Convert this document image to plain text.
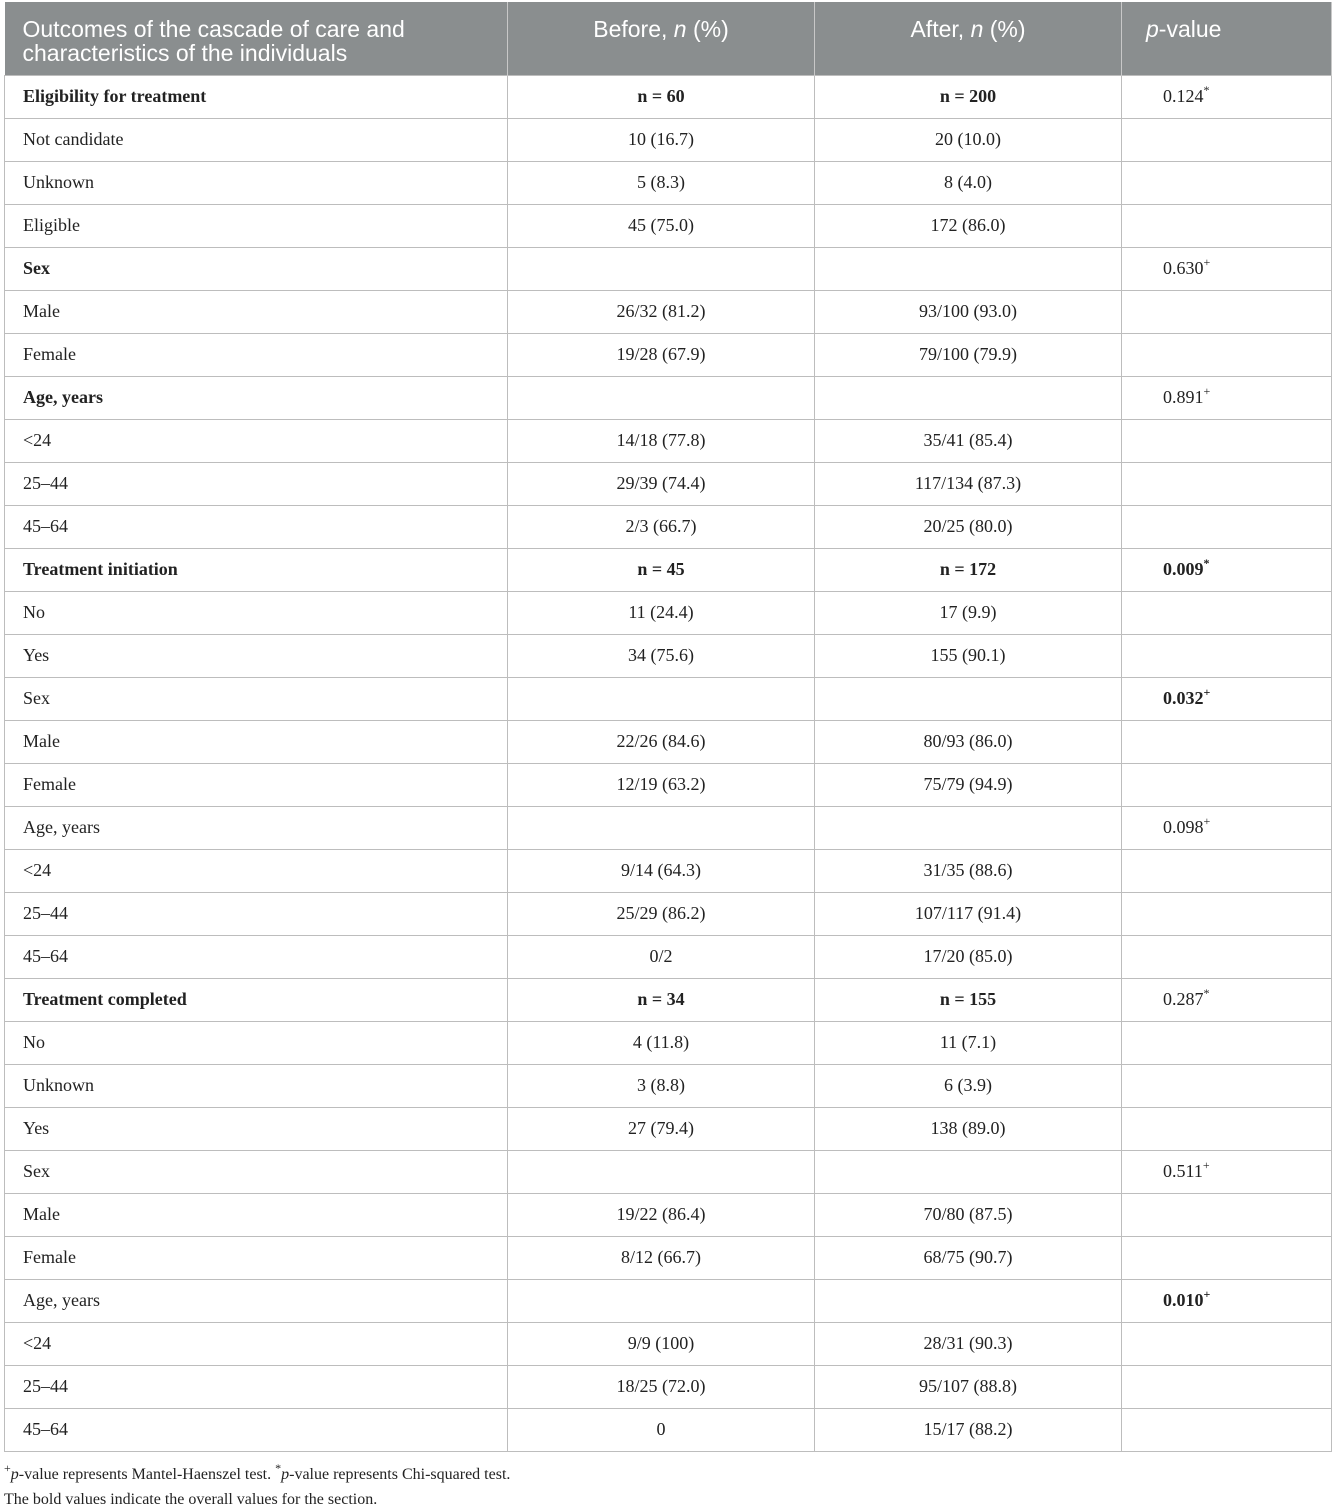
Outcomes of the cascade of care and characteristics of the individuals	Before, n (%)	After, n (%)	p-value
Eligibility for treatment	n = 60	n = 200	0.124*
Not candidate	10 (16.7)	20 (10.0)	
Unknown	5 (8.3)	8 (4.0)	
Eligible	45 (75.0)	172 (86.0)	
Sex			0.630+
Male	26/32 (81.2)	93/100 (93.0)	
Female	19/28 (67.9)	79/100 (79.9)	
Age, years			0.891+
<24	14/18 (77.8)	35/41 (85.4)	
25–44	29/39 (74.4)	117/134 (87.3)	
45–64	2/3 (66.7)	20/25 (80.0)	
Treatment initiation	n = 45	n = 172	0.009*
No	11 (24.4)	17 (9.9)	
Yes	34 (75.6)	155 (90.1)	
Sex			0.032+
Male	22/26 (84.6)	80/93 (86.0)	
Female	12/19 (63.2)	75/79 (94.9)	
Age, years			0.098+
<24	9/14 (64.3)	31/35 (88.6)	
25–44	25/29 (86.2)	107/117 (91.4)	
45–64	0/2	17/20 (85.0)	
Treatment completed	n = 34	n = 155	0.287*
No	4 (11.8)	11 (7.1)	
Unknown	3 (8.8)	6 (3.9)	
Yes	27 (79.4)	138 (89.0)	
Sex			0.511+
Male	19/22 (86.4)	70/80 (87.5)	
Female	8/12 (66.7)	68/75 (90.7)	
Age, years			0.010+
<24	9/9 (100)	28/31 (90.3)	
25–44	18/25 (72.0)	95/107 (88.8)	
45–64	0	15/17 (88.2)	
+p-value represents Mantel-Haenszel test. *p-value represents Chi-squared test.
The bold values indicate the overall values for the section.
